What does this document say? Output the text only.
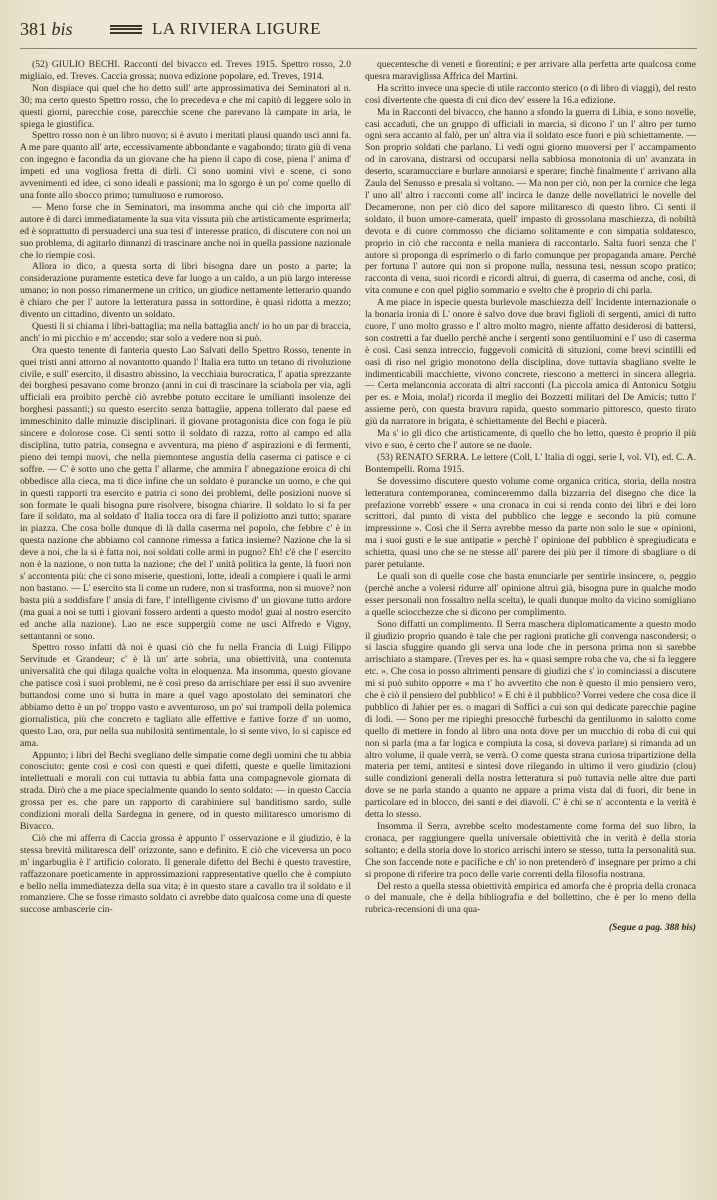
381 bis	LA RIVIERA LIGURE

(52) GIULIO BECHI. Racconti del bivacco ed. Treves 1915. Spettro rosso, 2.0 migliaio, ed. Treves. Caccia grossa; nuova edizione popolare, ed. Treves, 1914.

Non dispiace qui quel che ho detto sull' arte approssimativa dei Seminatori al n. 30; ma certo questo Spettro rosso, che lo precedeva e che mi capitò di leggere solo in questi giorni, parecchie cose, parecchie scene che parevano là campate in aria, le spiega le giustifica.

Spettro rosso non è un libro nuovo; si è avuto i meritati plausi quando uscì anni fa. A me pare quanto all' arte, eccessivamente abbondante e vagabondo; tirato giù di vena con ingegno e facondia da un giovane che ha pieno il capo di cose, piena l' anima d' impeti ed una vogliosa fretta di dirli. Ci sono uomini vivi e scene, ci sono avvenimenti ed idee, ci sono ideali e passioni; ma lo sgorgo è un po' come quello di una fonte allo sbocco primo; tumultuoso e rumoroso.

— Meno forse che in Seminatori, ma insomma anche qui ciò che importa all' autore è di darci immediatamente la sua vita vissuta più che artisticamente esprimerla; ed è soprattutto di persuaderci una sua tesi d' interesse pratico, di discutere con noi un suo problema, di agitarlo dinnanzi di trascinare anche noi in quella passione nazionale che lo riempie così.

Allora io dico, a questa sorta di libri bisogna dare un posto a parte; la considerazione puramente estetica deve far luogo a un caldo, a un più largo interesse umano; io non posso rimanermene un critico, un giudice nettamente letterario quando è chiaro che per l' autore la letteratura passa in sottordine, è quasi ridotta a mezzo; divento un cittadino, divento un soldato.

Questi li si chiama i libri-battaglia; ma nella battaglia anch' io ho un par di braccia, anch' io mi picchio e m' accendo; star solo a vedere non si può.

Ora questo tenente di fanteria questo Lao Salvati dello Spettro Rosso, tenente in quei tristi anni attorno al novantotto quando l' Italia era tutto un tetano di rivoluzione civile, e sull' esercito, il disastro abissino, la vecchiaia burocratica, l' apatia sprezzante dei borghesi pesavano come bronzo (anni in cui di trascinare la sciabola per via, agli ufficiali era proibito perchè ciò avrebbe potuto eccitare le umilianti insolenze dei borghesi passanti;) su questo esercito senza battaglie, appena tollerato dal paese ed immeschinito dalle minuzie disciplinari. il giovane protagonista dice con foga le più sincere e dolorose cose. Ci senti sotto il soldato di razza, rotto al campo ed alla disciplina, tutto patria, consegna e avventura, ma pieno d' aspirazioni e di fermenti, pieno dei tempi nuovi, che nella piemontese angustia della caserma ci patisce e ci soffre. — C' è sotto uno che getta l' allarme, che ammira l' abnegazione eroica di chi obbedisce alla cieca, ma ti dice infine che un soldato è purancke un uomo, e che qui in questi rapporti tra esercito e patria ci sono dei problemi, delle posizioni nuove si son formate le quali bisogna pure risolvere, bisogna chiarire. Il soldato lo si fa per fare il soldato, ma al soldato d' Italia tocca ora di fare il poliziotto anzi tutto; sparare in piazza. Che cosa bolle dunque di là dalla caserma nel popolo, che febbre c' è in questa nazione che abbiamo col cannone rimessa a fatica insieme? Nazione che la si deve a noi, che la si è fatta noi, noi soldati colle armi in pugno? Eh! c'è che l' esercito non è la nazione, o non tutta la nazione; che del l' unità politica la gente, là fuori non s' accontenta più: che ci sono miserie, questioni, lotte, ideali a compiere i quali le armi non bastano. — L' esercito sta li come un rudere, non si trasforma, non si muove? non basta più a soddisfare l' ansia di fare, l' intelligente civismo d' un giovane tutto ardore (ma guai a noi se tutti i giovani fossero ardenti a questo modo! guai al nostro esercito ed anche alla nazione). Lao ne esce suppergiù come ne uscì Alfredo e Vigny, settantanni or sono.

Spettro rosso infatti dà noi è quasi ciò che fu nella Francia di Luigi Filippo Servitude et Grandeur; c' è là un' arte sobria, una obiettività, una contenuta universalità che qui dilaga qualche volta in eloquenza. Ma insomma, questo giovane che patisce così i suoi problemi, ne è così preso da arrischiare per essi il suo avvenire buttandosi come uno si butta in mare a quel vago apostolato dei seminatori che abbiamo detto è un po' troppo vasto e avventuroso, un po' sui trampoli della polemica giornalistica, più che concreto e tagliato alle effettive e fattive forze d' un uomo, questo Lao, ora, pur nella sua nubilosità sentimentale, lo si sente vivo, lo si capisce ed ama.

Appunto; i libri del Bechi svegliano delle simpatie come degli uomini che tu abbia conosciuto; gente così e così con questi e quei difetti, queste e quelle limitazioni intellettuali e morali con cui tuttavia tu abbia fatta una compagnevole giornata di strada. Dirò che a me piace specialmente quando lo sento soldato: — in questo Caccia grossa per es. che pare un rapporto di carabiniere sul banditismo sardo, sulle condizioni morali della Sardegna in genere, od in questo militaresco umorismo di Bivacco.

Ciò che mi afferra di Caccia grossa è appunto l' osservazione e il giudizio, è la stessa brevità militaresca dell' orizzonte, sano e definito. E ciò che viceversa un poco m' ingarbuglia è l' artificio colorato. Il generale difetto del Bechi è questo travestire, raffazzonare poeticamente in approssimazioni rappresentative quello che è compiuto e bello nella immediatezza della sua vita; è in questo stare a cavallo tra il soldato e il romanziere. Che se fosse rimasto soldato ci avrebbe dato qualcosa come una di queste succose ambascerie cin-

quecentesche di veneti e fiorentini; e per arrivare alla perfetta arte qualcosa come quesra maraviglissa Affrica del Martini.

Ha scritto invece una specie di utile racconto sterico (o di libro di viaggi), del resto così divertente che questa di cui dico dev' essere la 16.a edizione.

Ma in Racconti del bivacco, che hanno a sfondo la guerra di Libia, e sono novelle, casi accaduti, che un gruppo di ufficiali in marcia, si dicono l' un l' altro per turno ogni sera accanto al falò, per un' altra via il soldato esce fuori e più schiettamente. — Son proprio soldati che parlano. Li vedi ogni giorno muoversi per l' accampamento od in carovana, distrarsi od occuparsi nella sabbiosa monotonia di un' avanzata in deserto, scaramucciare e burlare annoiarsi e sperare; finchè finalmente t' arrivano alla Zaula del Senusso e presala si voltano. — Ma non per ciò, non per la cornice che lega l' uno all' altro i racconti come all' incirca le danze delle novellatrici le novelle del Decamerone, non per ciò dico del sapore militaresco di questo libro. Ci senti il soldato, il buon umore-camerata, quell' impasto di grossolana maschiezza, di nobiltà devota e di cuore commosso che diciamo solitamente e con simpatia soldatesco, proprio in ciò che racconta e nella maniera di raccontarlo. Salta fuori senza che l' autore si proponga di esprimerlo o di farlo comunque per propaganda amare. Perchè per fortuna l' autore qui non si propone nulla, nessuna tesi, nessun scopo pratico; racconta di vena, suoi ricordi e ricordi altrui, di guerra, di caserma od anche, così, di vita comune e con quel piglio sommario e svelto che è proprio di chi parla.

A me piace in ispecie questa burlevole maschiezza dell' Incidente internazionale o la bonaria ironia di L' onore è salvo dove due bravi figlioli di sergenti, amici di tutto cuore, l' uno molto grasso e l' altro molto magro, niente affatto desiderosi di battersi, son costretti a far duello perchè anche i sergenti sono gentiluomini e l' uso di caserma è così. Casi senza intreccio, fuggevoli comicità di situzioni, come brevi scintilli ed oasi di riso nel grigio monotono della disciplina, dove tuttavia sbagliano svelte le indimenticabili macchiette, vivono concrete, riescono a metterci in sincera allegria. — Certa melanconia accorata di altri racconti (La piccola amica di Antonicu Sotgiu per es. e Moia, mola!) ricorda il meglio dei Bozzetti militari del De Amicis; tutto l' assieme però, con questa bravura rapida, questo sommario pittoresco, questo tirato giù da narratore in brigata, è schiettamente del Bechi e piacerà.

Ma s' io gli dico che artisticamente, di quello che ho letto, questo è proprio il più vivo e suo, è certo che l' autore se ne duole.

(53) RENATO SERRA. Le lettere (Coll, L' Italia di oggi, serie I, vol. VI), ed. C. A. Bontempelli. Roma 1915.

Se dovessimo discutere questo volume come organica critica, storia, della nostra letteratura contemporanea, cominceremmo dalla bizzarria del disegno che dice la prefazione vorrebb' essere « una cronaca in cui si renda conto dei libri e dei loro scrittori, dal punto di vista del pubblico che legge e secondo la più comune impressione ». Così che il Serra avrebbe messo da parte non solo le sue « opinioni, ma i suoi gusti e le sue antipatie » perchè l' opinione del pubblico è spregiudicata e schietta, quasi uno che se ne stesse all' parere dei più per il timore di sbagliare o di parer petulante.

Le quali son di quelle cose che basta enunciarle per sentirle insincere, o, peggio (perchè anche a volersi ridurre all' opinione altrui già, bisogna pure in qualche modo esser personali non fossaltro nella scelta), le quali dunque molto da vicino somigliano a quelle sciocchezze che si dicono per complimento.

Sono diffatti un complimento. Il Serra maschera diplomaticamente a questo modo il giudizio proprio quando è tale che per ragioni pratiche gli convenga nascondersi; o si lascia sfuggire quando gli serva una lode che in persona prima non si sarebbe arrischiato a stampare. (Treves per es. ha « quasi sempre roba che va, che si fa leggere etc. ». Che cosa io posso altrimenti pensare di giudizi che s' io cominciassi a discutere mi si può subito opporre « ma t' ho avvertito che non è questo il mio pensiero vero, che è ciò il pensiero del pubblico! » E chi è il pubblico? Vorrei vedere che cosa dice il pubblico di Jahier per es. o magari di Soffici a cui son qui dedicate parecchie pagine di lodi. — Sono per me ripieghi presocchè furbeschi da gentiluomo in salotto come quello di mettere in fondo al libro una nota dove per un mucchio di roba di cui qui non si parla (ma a far logica e compiuta la cosa, si doveva parlare) si rimanda ad un altro volume, il quale verrà, se verrà. O come questa strana curiosa tripartizione della materia per temi, antitesi e sintesi dove rilegando in ultimo il vero giudizio (clou) sulle condizioni generali della nostra letteratura si può tuttavia nelle altre due parti dove se ne parla stando a quanto ne appare a prima vista dal di fuori, dir bene in particolare ed in blocco, dei santi e dei diavoli. C' è chi se n' accontenta e la verità è detta lo stesso.

Insomma il Serra, avrebbe scelto modestamente come forma del suo libro, la cronaca, per raggiungere quella universale obiettività che in verità è della storia soltanto; e della storia dove lo storico arrischi intero se stesso, tutta la personalità sua. Che son faccende note e pacifiche e ch' io non pretenderò d' insegnare per primo a chi si propone di riferire tra poco delle varie correnti della filosofia nostrana.

Del resto a quella stessa obiettività empirica ed amorfa che è propria della cronaca o del manuale, che è della bibliografia e del bollettino, che è per lo meno della rubrica-recensioni di una qua-

(Segue a pag. 388 bis)
